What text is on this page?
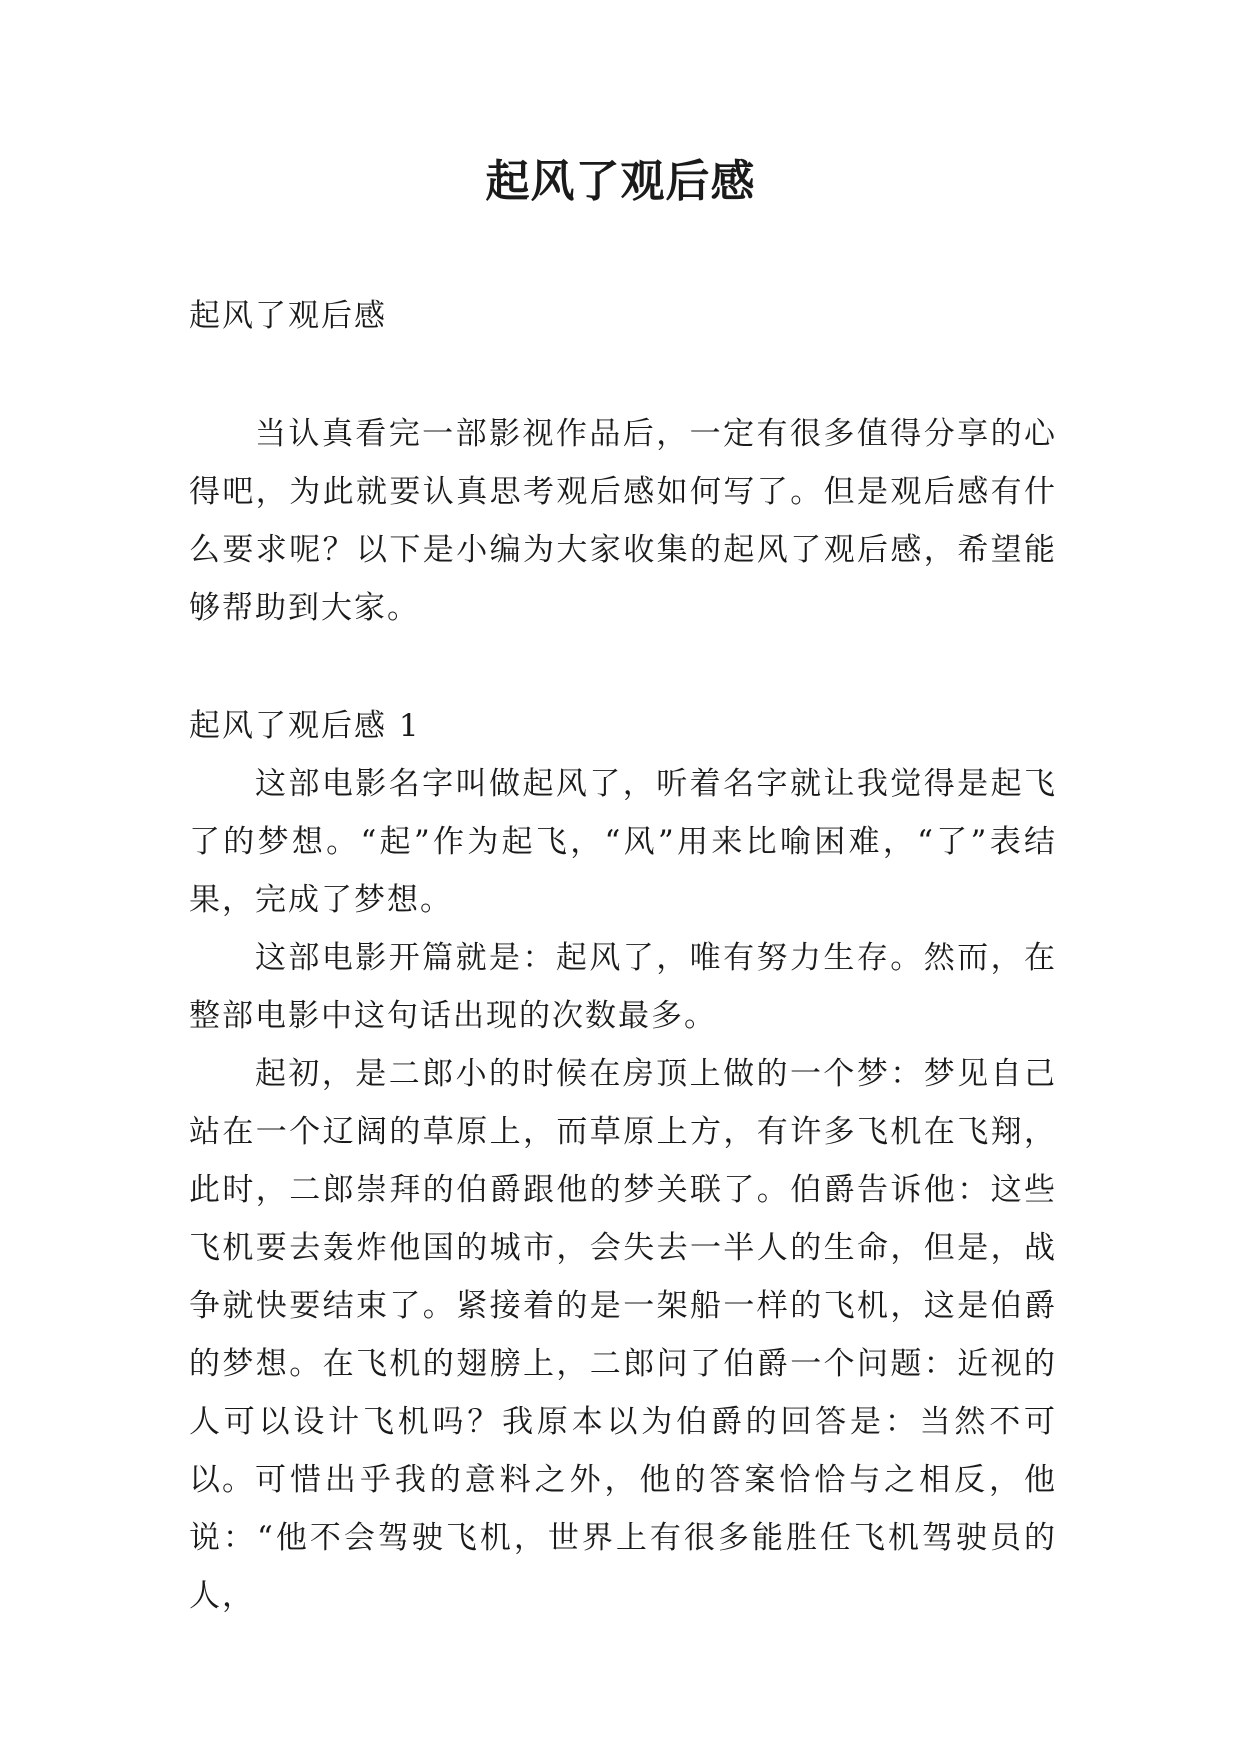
起风了观后感

起风了观后感

当认真看完一部影视作品后，一定有很多值得分享的心得吧，为此就要认真思考观后感如何写了。但是观后感有什么要求呢？以下是小编为大家收集的起风了观后感，希望能够帮助到大家。

起风了观后感 1

这部电影名字叫做起风了，听着名字就让我觉得是起飞了的梦想。“起”作为起飞，“风”用来比喻困难，“了”表结果，完成了梦想。

这部电影开篇就是：起风了，唯有努力生存。然而，在整部电影中这句话出现的次数最多。

起初，是二郎小的时候在房顶上做的一个梦：梦见自己站在一个辽阔的草原上，而草原上方，有许多飞机在飞翔，此时，二郎崇拜的伯爵跟他的梦关联了。伯爵告诉他：这些飞机要去轰炸他国的城市，会失去一半人的生命，但是，战争就快要结束了。紧接着的是一架船一样的飞机，这是伯爵的梦想。在飞机的翅膀上，二郎问了伯爵一个问题：近视的人可以设计飞机吗？我原本以为伯爵的回答是：当然不可以。 可惜出乎我的意料之外，他的答案恰恰与之相反，他说：“他不会驾驶飞机，世界上有很多能胜任飞机驾驶员的人，
